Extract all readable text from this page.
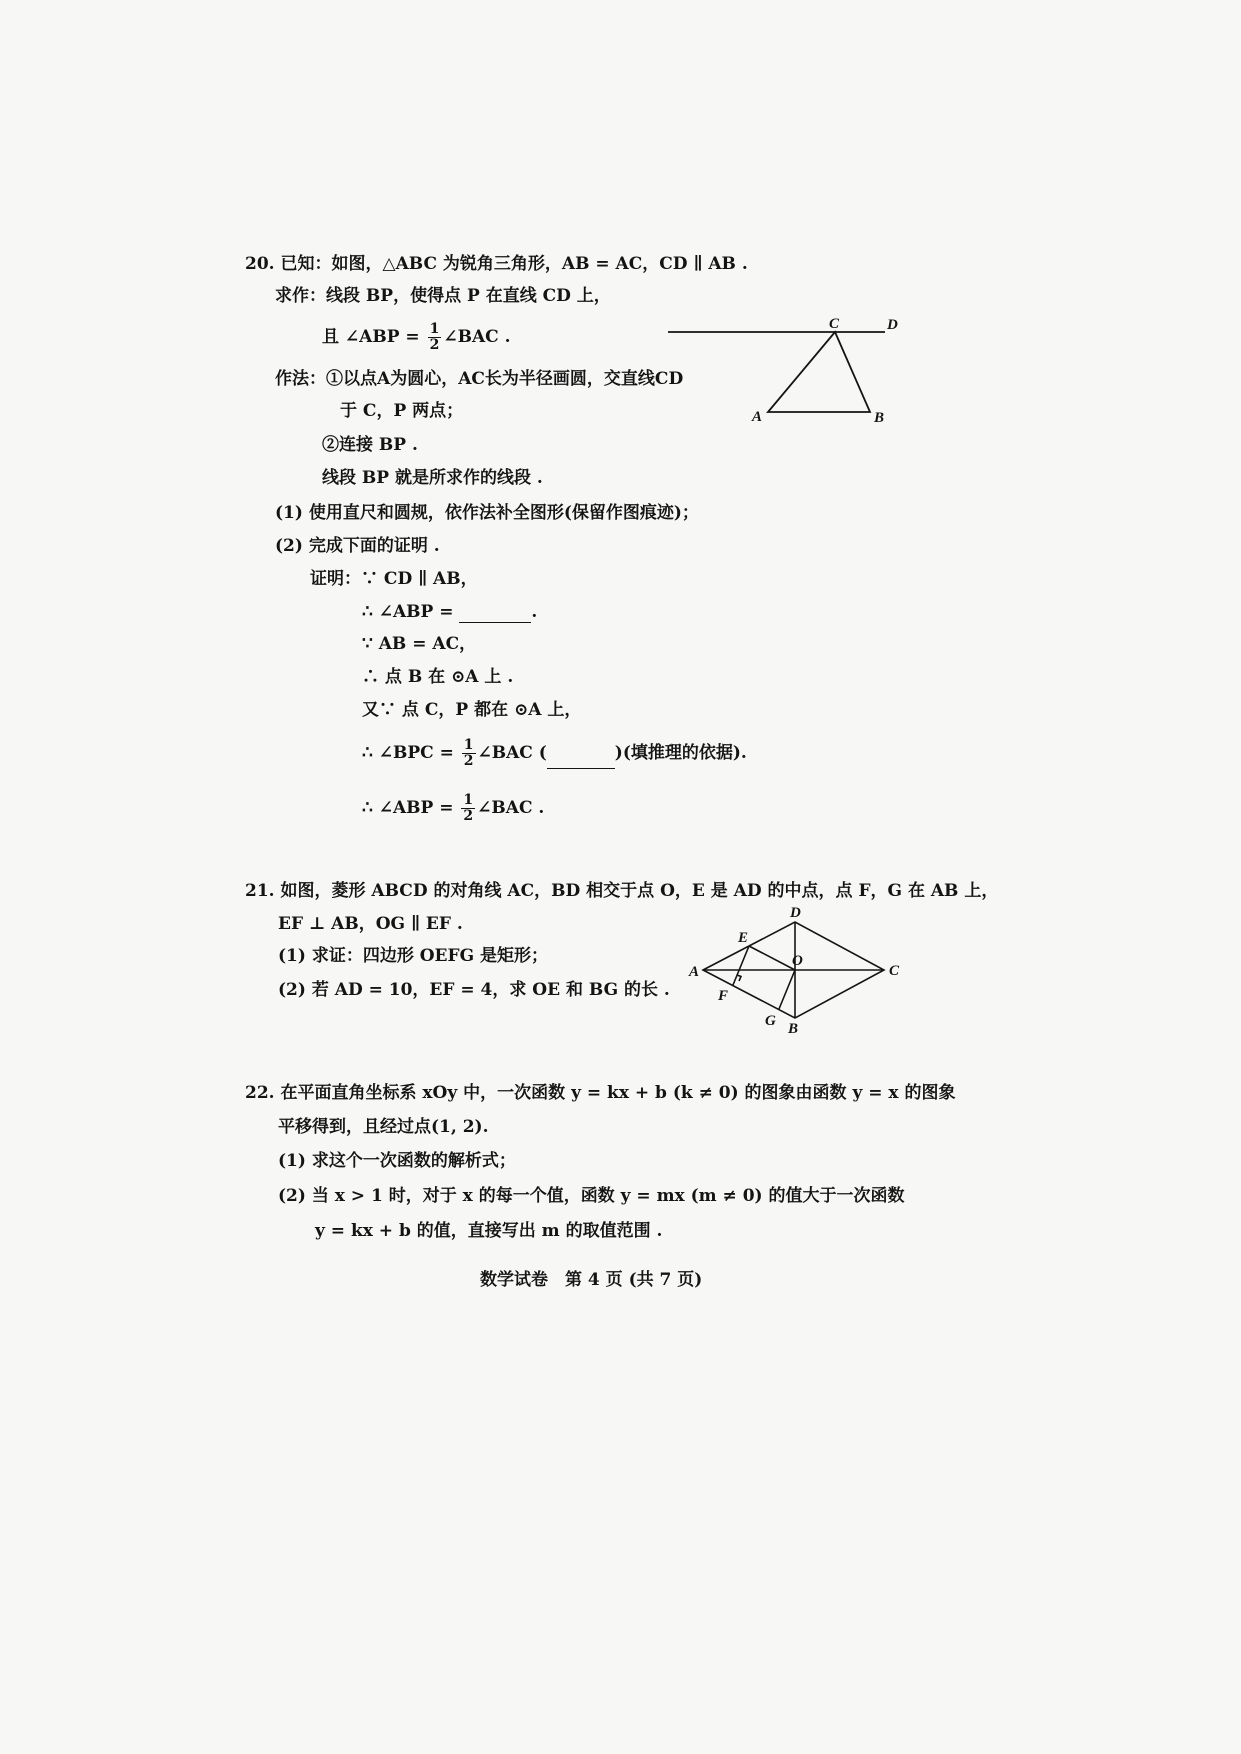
20. 已知：如图，△ABC 为锐角三角形，AB = AC，CD ∥ AB .
求作：线段 BP，使得点 P 在直线 CD 上，
且 ∠ABP = $\frac{1}{2}$ ∠BAC .
作法：①以点A为圆心，AC长为半径画圆，交直线CD
于 C，P 两点；
②连接 BP .
线段 BP 就是所求作的线段 .
(1) 使用直尺和圆规，依作法补全图形(保留作图痕迹)；
(2) 完成下面的证明 .
证明：∵ CD ∥ AB，
∴ ∠ABP =	.
∵ AB = AC，
∴ 点 B 在 ⊙A 上 .
又∵ 点 C，P 都在 ⊙A 上，
∴ ∠BPC = $\frac{1}{2}$ ∠BAC (	)(填推理的依据).
∴ ∠ABP = $\frac{1}{2}$ ∠BAC .
A	B
C	D
21. 如图，菱形 ABCD 的对角线 AC，BD 相交于点 O，E 是 AD 的中点，点 F，G 在 AB 上，
EF ⊥ AB，OG ∥ EF .
(1) 求证：四边形 OEFG 是矩形；
(2) 若 AD = 10，EF = 4，求 OE 和 BG 的长 .
A
B
C
D
E
F
G
O
22. 在平面直角坐标系 xOy 中，一次函数 y = kx + b (k ≠ 0) 的图象由函数 y = x 的图象
平移得到，且经过点(1, 2).
(1) 求这个一次函数的解析式；
(2) 当 x > 1 时，对于 x 的每一个值，函数 y = mx (m ≠ 0) 的值大于一次函数
y = kx + b 的值，直接写出 m 的取值范围 .
数学试卷　第 4 页 (共 7 页)
